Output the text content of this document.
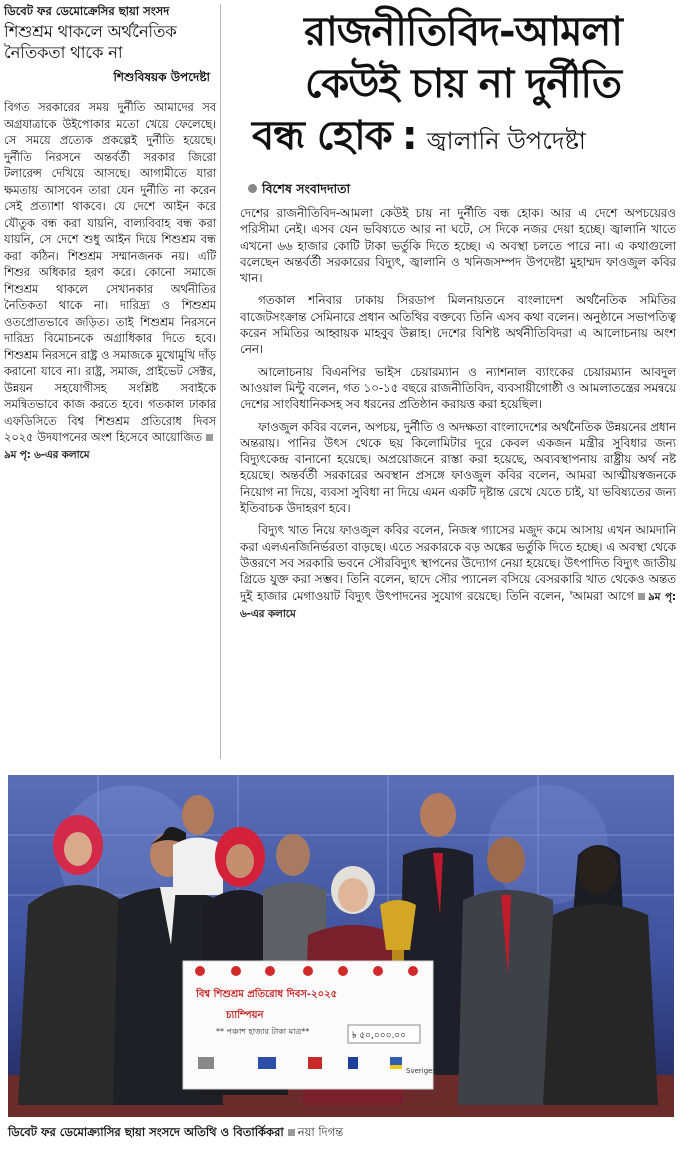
ডিবেট ফর ডেমোক্রেসির ছায়া সংসদ
শিশুশ্রম থাকলে অর্থনৈতিক
নৈতিকতা থাকে না
শিশুবিষয়ক উপদেষ্টা
বিগত সরকারের সময় দুর্নীতি আমাদের সব অগ্রযাত্রাকে উইপোকার মতো খেয়ে ফেলেছে। সে সময়ে প্রত্যেক প্রকল্পেই দুর্নীতি হয়েছে। দুর্নীতি নিরসনে অন্তর্বর্তী সরকার জিরো টলারেন্স দেখিয়ে আসছে। আগামীতে যারা ক্ষমতায় আসবেন তারা যেন দুর্নীতি না করেন সেই প্রত্যাশা থাকবে। যে দেশে আইন করে যৌতুক বন্ধ করা যায়নি, বাল্যবিবাহ বন্ধ করা যায়নি, সে দেশে শুধু আইন দিয়ে শিশুশ্রম বন্ধ করা কঠিন। শিশুশ্রম সম্মানজনক নয়। এটি শিশুর অধিকার হরণ করে। কোনো সমাজে শিশুশ্রম থাকলে সেখানকার অর্থনীতির নৈতিকতা থাকে না। দারিদ্র্য ও শিশুশ্রম ওতপ্রোতভাবে জড়িত। তাই শিশুশ্রম নিরসনে দারিদ্র্য বিমোচনকে অগ্রাধিকার দিতে হবে। শিশুশ্রম নিরসনে রাষ্ট্র ও সমাজকে মুখোমুখি দাঁড় করানো যাবে না। রাষ্ট্র, সমাজ, প্রাইভেট সেক্টর, উন্নয়ন সহযোগীসহ সংশ্লিষ্ট সবাইকে সমন্বিতভাবে কাজ করতে হবে। গতকাল ঢাকার এফডিসিতে বিশ্ব শিশুশ্রম প্রতিরোধ দিবস ২০২৫ উদযাপনের অংশ হিসেবে আয়োজিত৯ম পৃ: ৬-এর কলামে
রাজনীতিবিদ-আমলা
কেউই চায় না দুর্নীতি
বন্ধ হোক : জ্বালানি উপদেষ্টা
বিশেষ সংবাদদাতা

দেশের রাজনীতিবিদ-আমলা কেউই চায় না দুর্নীতি বন্ধ হোক। আর এ দেশে অপচয়েরও পরিসীমা নেই। এসব যেন ভবিষ্যতে আর না ঘটে, সে দিকে নজর দেয়া হচ্ছে। জ্বালানি খাতে এখনো ৬৬ হাজার কোটি টাকা ভর্তুকি দিতে হচ্ছে। এ অবস্থা চলতে পারে না। এ কথাগুলো বলেছেন অন্তর্বর্তী সরকারের বিদ্যুৎ, জ্বালানি ও খনিজসম্পদ উপদেষ্টা মুহাম্মদ ফাওজুল কবির খান।

গতকাল শনিবার ঢাকায় সিরডাপ মিলনায়তনে বাংলাদেশ অর্থনৈতিক সমিতির বাজেটসংক্রান্ত সেমিনারে প্রধান অতিথির বক্তব্যে তিনি এসব কথা বলেন। অনুষ্ঠানে সভাপতিত্ব করেন সমিতির আহ্বায়ক মাহবুব উল্লাহ। দেশের বিশিষ্ট অর্থনীতিবিদরা এ আলোচনায় অংশ নেন।

আলোচনায় বিএনপির ভাইস চেয়ারম্যান ও ন্যাশনাল ব্যাংকের চেয়ারম্যান আবদুল আওয়াল মিন্টু বলেন, গত ১০-১৫ বছরে রাজনীতিবিদ, ব্যবসায়ীগোষ্ঠী ও আমলাতন্ত্রের সমন্বয়ে দেশের সাংবিধানিকসহ সব ধরনের প্রতিষ্ঠান করায়ত্ত করা হয়েছিল।

ফাওজুল কবির বলেন, অপচয়, দুর্নীতি ও অদক্ষতা বাংলাদেশের অর্থনৈতিক উন্নয়নের প্রধান অন্তরায়। পানির উৎস থেকে ছয় কিলোমিটার দূরে কেবল একজন মন্ত্রীর সুবিধার জন্য বিদ্যুৎকেন্দ্র বানানো হয়েছে। অপ্রয়োজনে রাস্তা করা হয়েছে, অব্যবস্থাপনায় রাষ্ট্রীয় অর্থ নষ্ট হয়েছে। অন্তর্বর্তী সরকারের অবস্থান প্রসঙ্গে ফাওজুল কবির বলেন, আমরা আত্মীয়স্বজনকে নিয়োগ না দিয়ে, ব্যবসা সুবিধা না দিয়ে এমন একটি দৃষ্টান্ত রেখে যেতে চাই, যা ভবিষ্যতের জন্য ইতিবাচক উদাহরণ হবে।

বিদ্যুৎ খাত নিয়ে ফাওজুল কবির বলেন, নিজস্ব গ্যাসের মজুদ কমে আসায় এখন আমদানি করা এলএনজিনির্ভরতা বাড়ছে। এতে সরকারকে বড় অঙ্কের ভর্তুকি দিতে হচ্ছে। এ অবস্থা থেকে উত্তরণে সব সরকারি ভবনে সৌরবিদ্যুৎ স্থাপনের উদ্যোগ নেয়া হয়েছে। উৎপাদিত বিদ্যুৎ জাতীয় গ্রিডে যুক্ত করা সম্ভব। তিনি বলেন, ছাদে সৌর প্যানেল বসিয়ে বেসরকারি খাত থেকেও অন্তত দুই হাজার মেগাওয়াট বিদ্যুৎ উৎপাদনের সুযোগ রয়েছে। তিনি বলেন, 'আমরা আগে ৯ম পৃ: ৬-এর কলামে

বিশ্ব শিশুশ্রম প্রতিরোধ দিবস-২০২৫
চ্যাম্পিয়ন
** পঞ্চাশ হাজার টাকা মাত্র**	৳ ৫০,০০০.০০
Sveriges
ডিবেট ফর ডেমোক্র্যাসির ছায়া সংসদে অতিথি ও বিতার্কিকরা নয়া দিগন্ত
